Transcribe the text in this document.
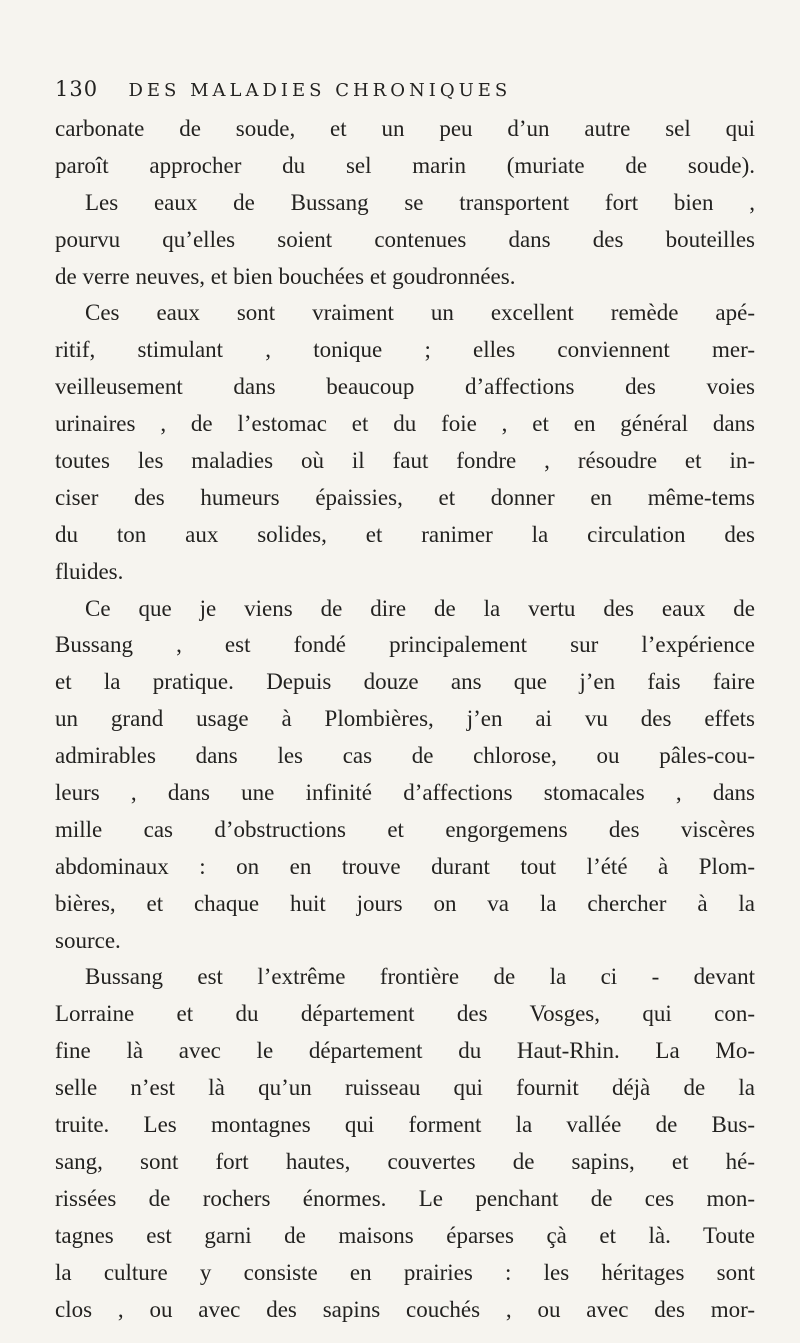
130 DES MALADIES CHRONIQUES
carbonate de soude, et un peu d’un autre sel qui
paroît approcher du sel marin (muriate de soude).
Les eaux de Bussang se transportent fort bien ,
pourvu qu’elles soient contenues dans des bouteilles
de verre neuves, et bien bouchées et goudronnées.
Ces eaux sont vraiment un excellent remède apé-
ritif, stimulant , tonique ; elles conviennent mer-
veilleusement dans beaucoup d’affections des voies
urinaires , de l’estomac et du foie , et en général dans
toutes les maladies où il faut fondre , résoudre et in-
ciser des humeurs épaissies, et donner en même-tems
du ton aux solides, et ranimer la circulation des
fluides.
Ce que je viens de dire de la vertu des eaux de
Bussang , est fondé principalement sur l’expérience
et la pratique. Depuis douze ans que j’en fais faire
un grand usage à Plombières, j’en ai vu des effets
admirables dans les cas de chlorose, ou pâles-cou-
leurs , dans une infinité d’affections stomacales , dans
mille cas d’obstructions et engorgemens des viscères
abdominaux : on en trouve durant tout l’été à Plom-
bières, et chaque huit jours on va la chercher à la
source.
Bussang est l’extrême frontière de la ci - devant
Lorraine et du département des Vosges, qui con-
fine là avec le département du Haut-Rhin. La Mo-
selle n’est là qu’un ruisseau qui fournit déjà de la
truite. Les montagnes qui forment la vallée de Bus-
sang, sont fort hautes, couvertes de sapins, et hé-
rissées de rochers énormes. Le penchant de ces mon-
tagnes est garni de maisons éparses çà et là. Toute
la culture y consiste en prairies : les héritages sont
clos , ou avec des sapins couchés , ou avec des mor-
